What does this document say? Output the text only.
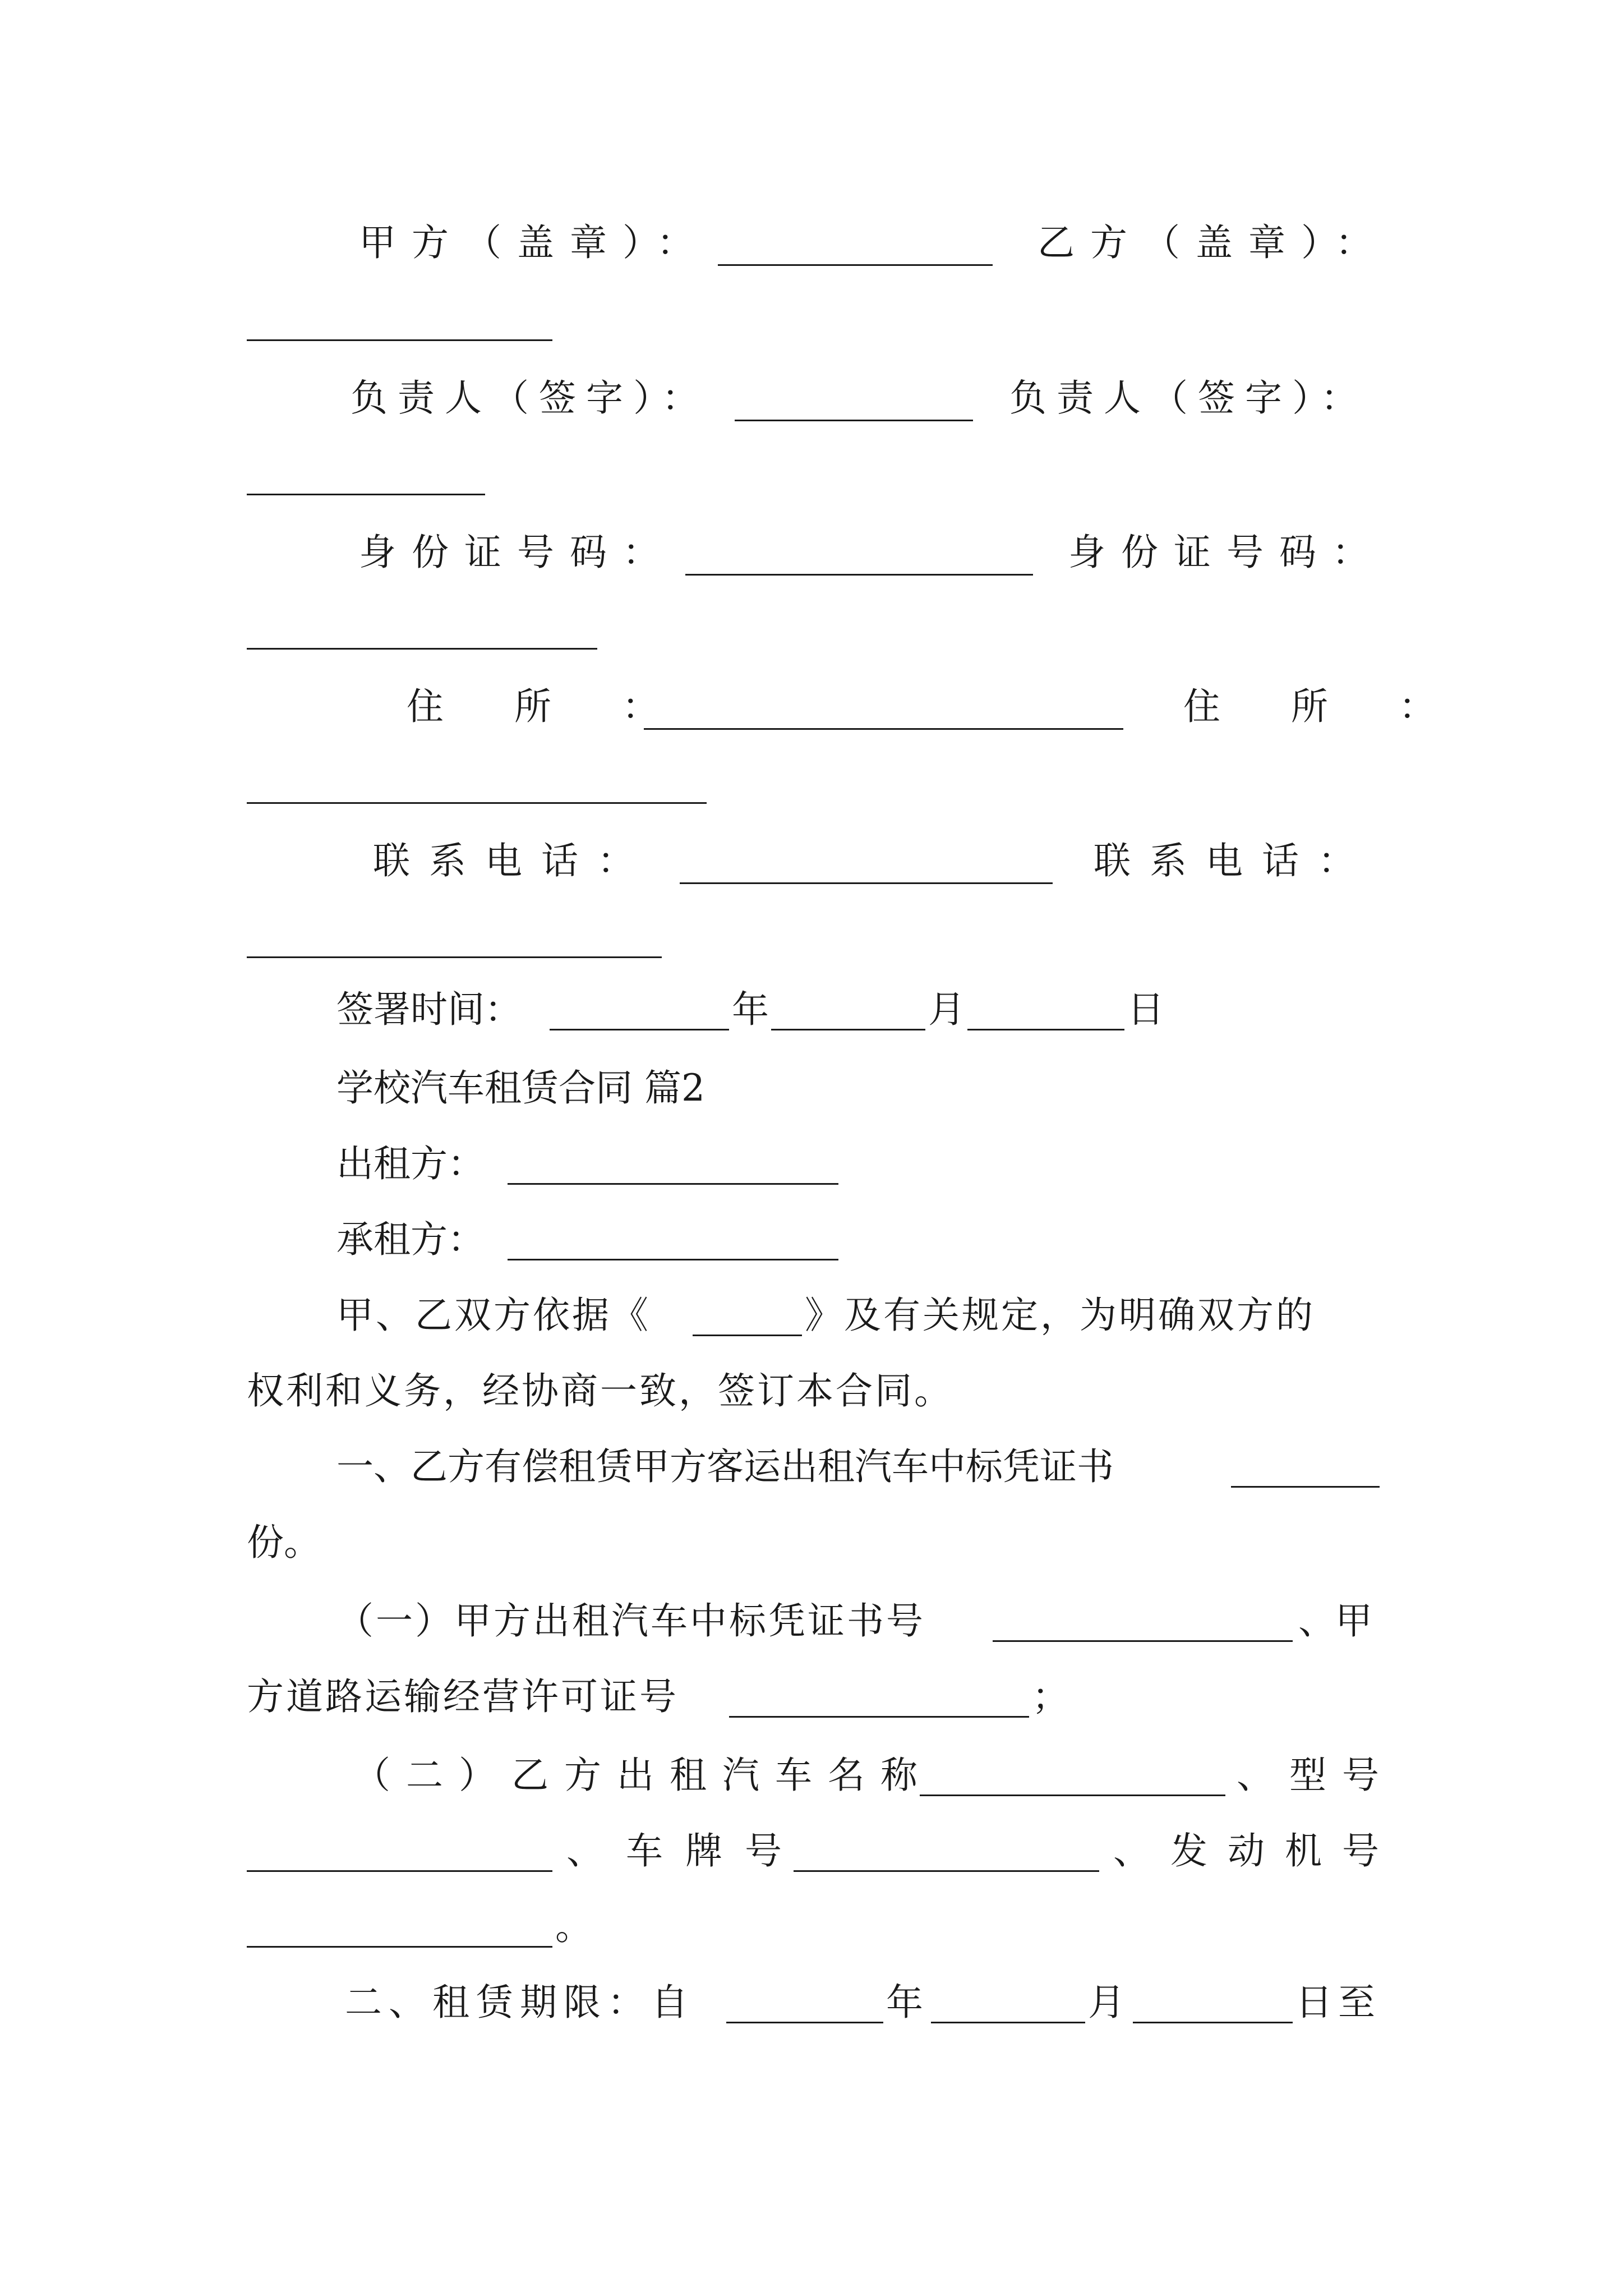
甲方（盖章）：	乙方（盖章）：
负责人（签字）：	负责人（签字）：
身份证号码：	身份证号码：
住　所　：	住　所　：
联系电话：	联系电话：
签署时间：	年	月	日
学校汽车租赁合同 篇2
出租方：
承租方：
甲、乙双方依据《	》及有关规定，为明确双方的
权利和义务，经协商一致，签订本合同。
一、乙方有偿租赁甲方客运出租汽车中标凭证书
份。
（一）甲方出租汽车中标凭证书号	、甲
方道路运输经营许可证号	；
（二）乙方出租汽车名称	、型号
、车牌号	、发动机号
。
二、租赁期限：自	年	月	日至
